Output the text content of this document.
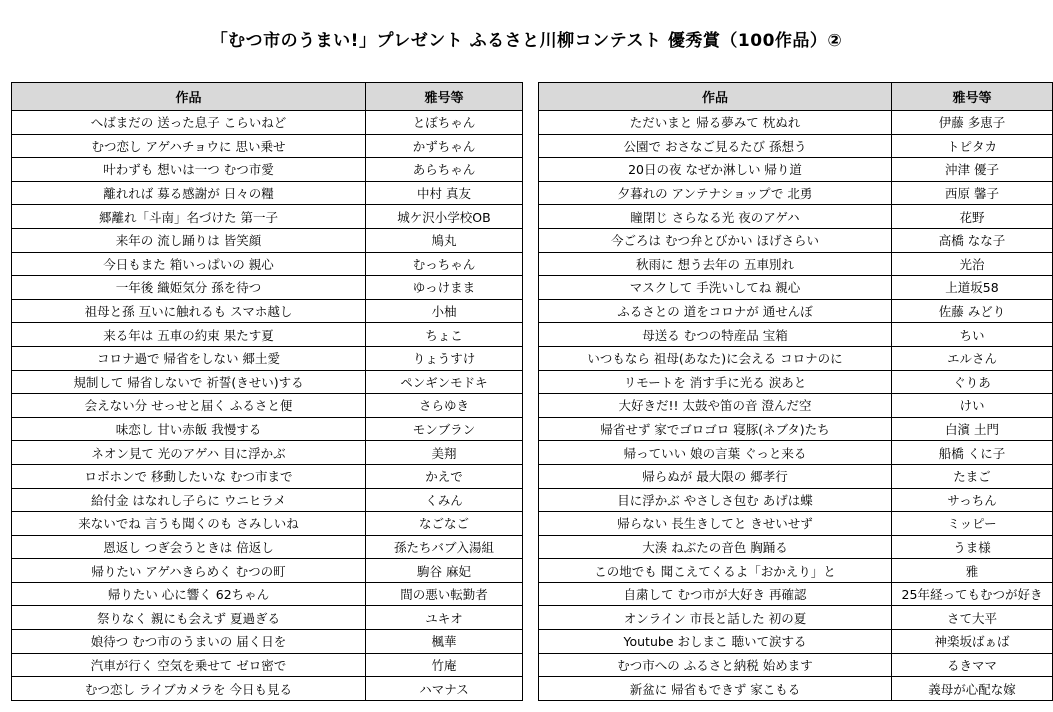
「むつ市のうまい!」プレゼント ふるさと川柳コンテスト 優秀賞（100作品）②
作品	雅号等
へばまだの 送った息子 こらいねど	とぼちゃん
むつ恋し アゲハチョウに 思い乗せ	かずちゃん
叶わずも 想いは一つ むつ市愛	あらちゃん
離れれば 募る感謝が 日々の糧	中村 真友
郷離れ「斗南」名づけた 第一子	城ケ沢小学校OB
来年の 流し踊りは 皆笑顔	鳩丸
今日もまた 箱いっぱいの 親心	むっちゃん
一年後 織姫気分 孫を待つ	ゆっけまま
祖母と孫 互いに触れるも スマホ越し	小柚
来る年は 五車の約束 果たす夏	ちょこ
コロナ過で 帰省をしない 郷土愛	りょうすけ
規制して 帰省しないで 祈誓(きせい)する	ペンギンモドキ
会えない分 せっせと届く ふるさと便	さらゆき
味恋し 甘い赤飯 我慢する	モンブラン
ネオン見て 光のアゲハ 目に浮かぶ	美翔
ロボホンで 移動したいな むつ市まで	かえで
給付金 はなれし子らに ウニヒラメ	くみん
来ないでね 言うも聞くのも さみしいね	なごなご
恩返し つぎ会うときは 倍返し	孫たちバブ入湯組
帰りたい アゲハきらめく むつの町	駒谷 麻妃
帰りたい 心に響く 62ちゃん	間の悪い転勤者
祭りなく 親にも会えず 夏過ぎる	ユキオ
娘待つ むつ市のうまいの 届く日を	楓華
汽車が行く 空気を乗せて ゼロ密で	竹庵
むつ恋し ライブカメラを 今日も見る	ハマナス
作品	雅号等
ただいまと 帰る夢みて 枕ぬれ	伊藤 多恵子
公園で おさなご見るたび 孫想う	トピタカ
20日の夜 なぜか淋しい 帰り道	沖津 優子
夕暮れの アンテナショップで 北勇	西原 馨子
瞳閉じ さらなる光 夜のアゲハ	花野
今ごろは むつ弁とびかい ほげさらい	高橋 なな子
秋雨に 想う去年の 五車別れ	光治
マスクして 手洗いしてね 親心	上道坂58
ふるさとの 道をコロナが 通せんぼ	佐藤 みどり
母送る むつの特産品 宝箱	ちい
いつもなら 祖母(あなた)に会える コロナのに	エルさん
リモートを 消す手に光る 涙あと	ぐりあ
大好きだ!! 太鼓や笛の音 澄んだ空	けい
帰省せず 家でゴロゴロ 寝豚(ネブタ)たち	白濱 土門
帰っていい 娘の言葉 ぐっと来る	船橋 くに子
帰らぬが 最大限の 郷孝行	たまご
目に浮かぶ やさしさ包む あげは蝶	サっちん
帰らない 長生きしてと きせいせず	ミッピー
大湊 ねぶたの音色 胸踊る	うま様
この地でも 聞こえてくるよ「おかえり」と	雅
自粛して むつ市が大好き 再確認	25年経ってもむつが好き
オンライン 市長と話した 初の夏	さて大平
Youtube おしまこ 聴いて涙する	神楽坂ばぁば
むつ市への ふるさと納税 始めます	るきママ
新盆に 帰省もできず 家こもる	義母が心配な嫁
